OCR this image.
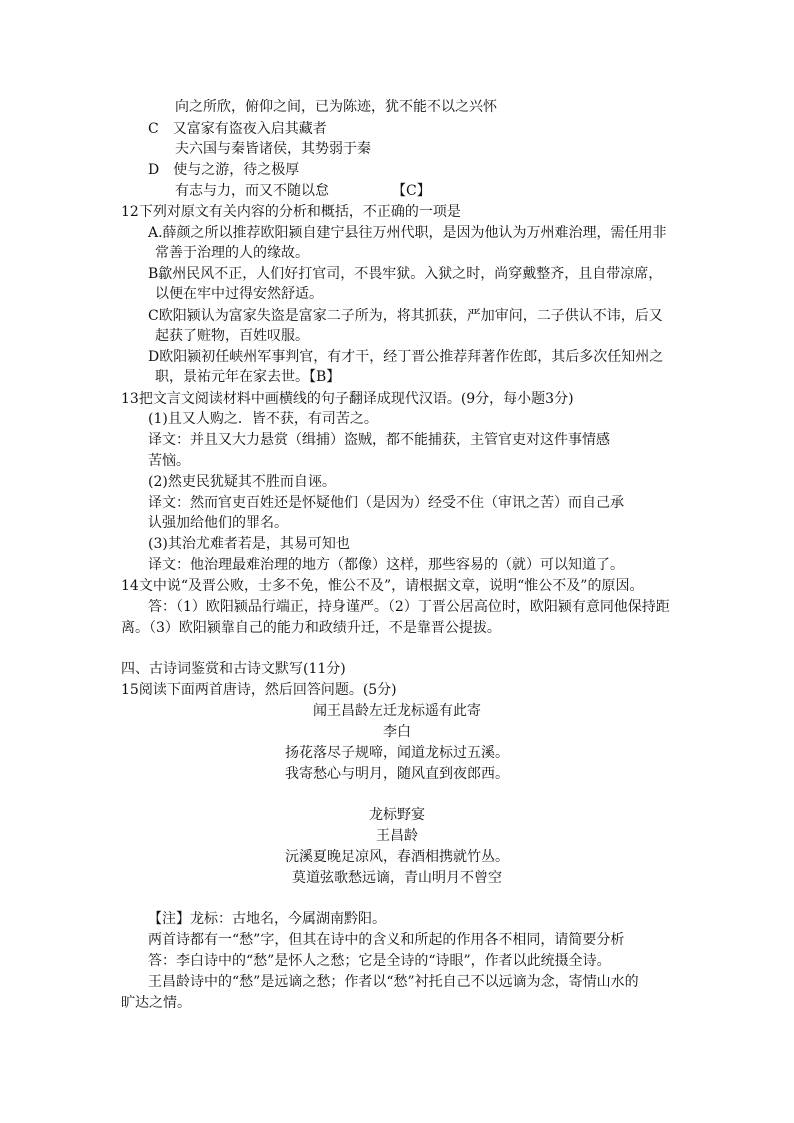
向之所欣，俯仰之间，已为陈迹，犹不能不以之兴怀
C　又富家有盗夜入启其藏者
夫六国与秦皆诸侯，其势弱于秦
D　使与之游，待之极厚
有志与力，而又不随以怠	【C】
12下列对原文有关内容的分析和概括，不正确的一项是
A.薛颜之所以推荐欧阳颍自建宁县往万州代职，是因为他认为万州难治理，需任用非
常善于治理的人的缘故。
B歙州民风不正，人们好打官司，不畏牢狱。入狱之时，尚穿戴整齐，且自带凉席，
以便在牢中过得安然舒适。
C欧阳颍认为富家失盗是富家二子所为，将其抓获，严加审问，二子供认不讳，后又
起获了赃物，百姓叹服。
D欧阳颍初任峡州军事判官，有才干，经丁晋公推荐拜著作佐郎，其后多次任知州之
职，景祐元年在家去世。【B】
13把文言文阅读材料中画横线的句子翻译成现代汉语。(9分，每小题3分)
(1)且又人购之．皆不获，有司苦之。
译文：并且又大力悬赏（缉捕）盗贼，都不能捕获，主管官吏对这件事情感
苦恼。
(2)然吏民犹疑其不胜而自诬。
译文：然而官吏百姓还是怀疑他们（是因为）经受不住（审讯之苦）而自己承
认强加给他们的罪名。
(3)其治尤难者若是，其易可知也
译文：他治理最难治理的地方（都像）这样，那些容易的（就）可以知道了。
14文中说“及晋公败，士多不免，惟公不及”，请根据文章，说明“惟公不及”的原因。
答：（1）欧阳颍品行端正，持身谨严。（2）丁晋公居高位时，欧阳颍有意同他保持距
离。（3）欧阳颍靠自己的能力和政绩升迁，不是靠晋公提拔。
四、古诗词鉴赏和古诗文默写(11分)
15阅读下面两首唐诗，然后回答问题。(5分)
闻王昌龄左迁龙标遥有此寄
李白
扬花落尽子规啼，闻道龙标过五溪。
我寄愁心与明月，随风直到夜郎西。
龙标野宴
王昌龄
沅溪夏晚足凉风，春酒相携就竹丛。
莫道弦歌愁远谪，青山明月不曾空
【注】龙标：古地名，今属湖南黔阳。
两首诗都有一“愁”字，但其在诗中的含义和所起的作用各不相同，请简要分析
答：李白诗中的“愁”是怀人之愁；它是全诗的“诗眼”，作者以此统摄全诗。
王昌龄诗中的“愁”是远谪之愁；作者以“愁”衬托自己不以远谪为念，寄情山水的
旷达之情。
